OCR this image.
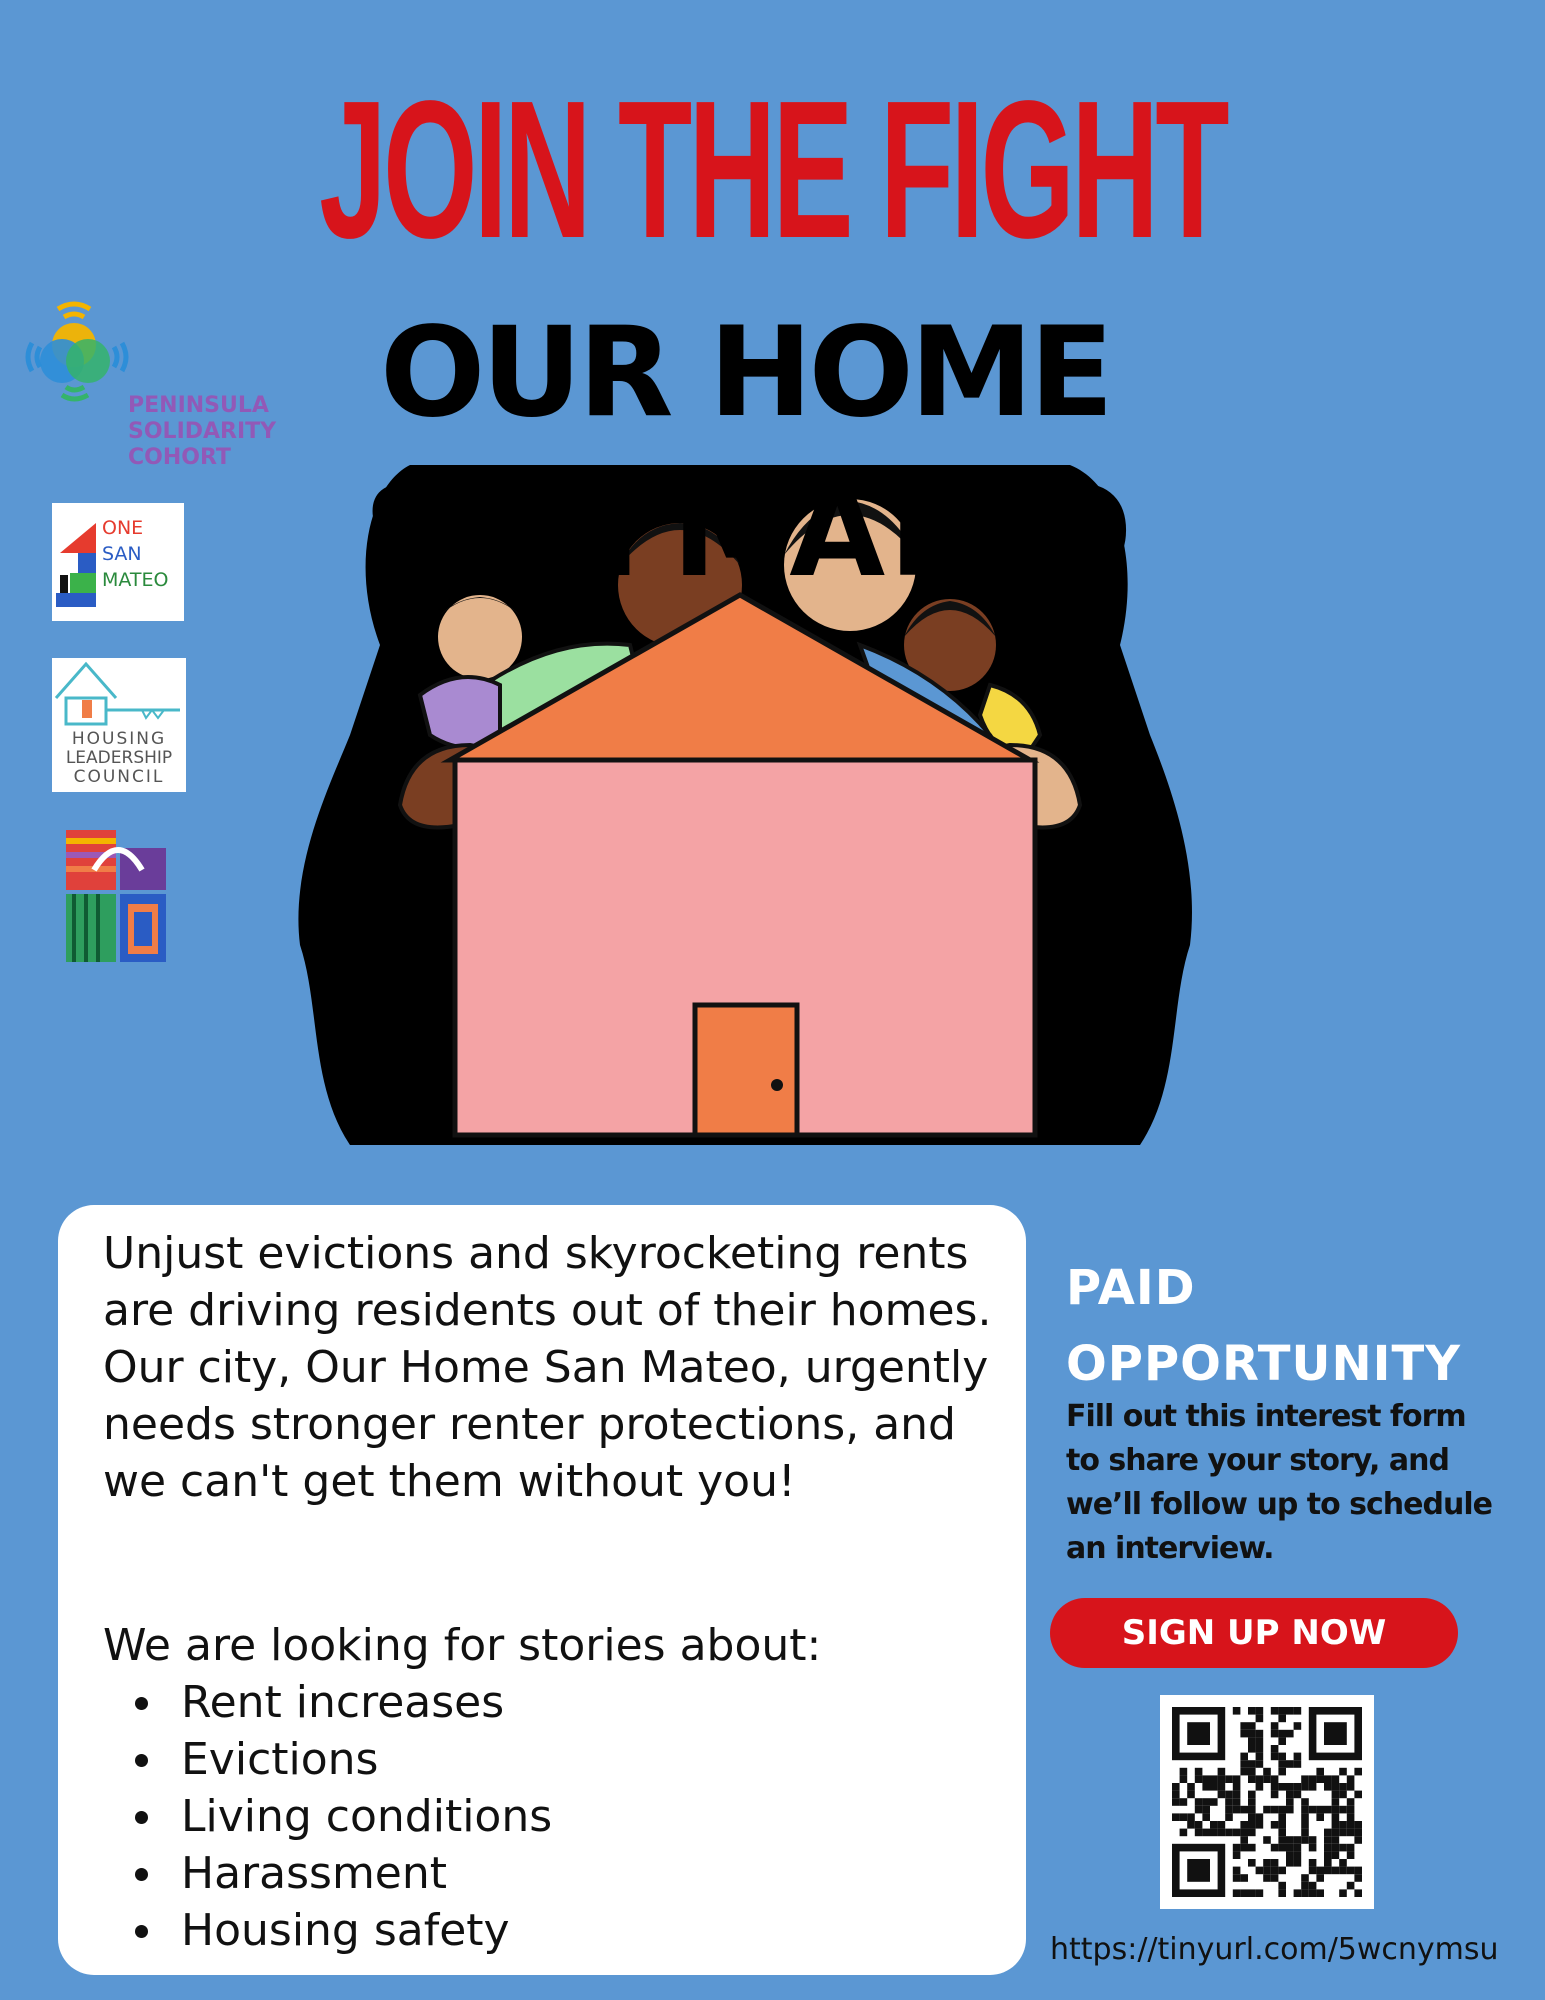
JOIN THE FIGHT
PENINSULA
SOLIDARITY
COHORT
ONE
SAN
MATEO
HOUSING
LEADERSHIP
COUNCIL
OUR HOME
SAN MATEO

Unjust evictions and skyrocketing rents are driving residents out of their homes. Our city, Our Home San Mateo, urgently needs stronger renter protections, and we can't get them without you!

We are looking for stories about:

Rent increases
Evictions
Living conditions
Harassment
Housing safety
PAID
OPPORTUNITY

Fill out this interest form to share your story, and we’ll follow up to schedule an interview.

SIGN UP NOW

https://tinyurl.com/5wcnymsu
